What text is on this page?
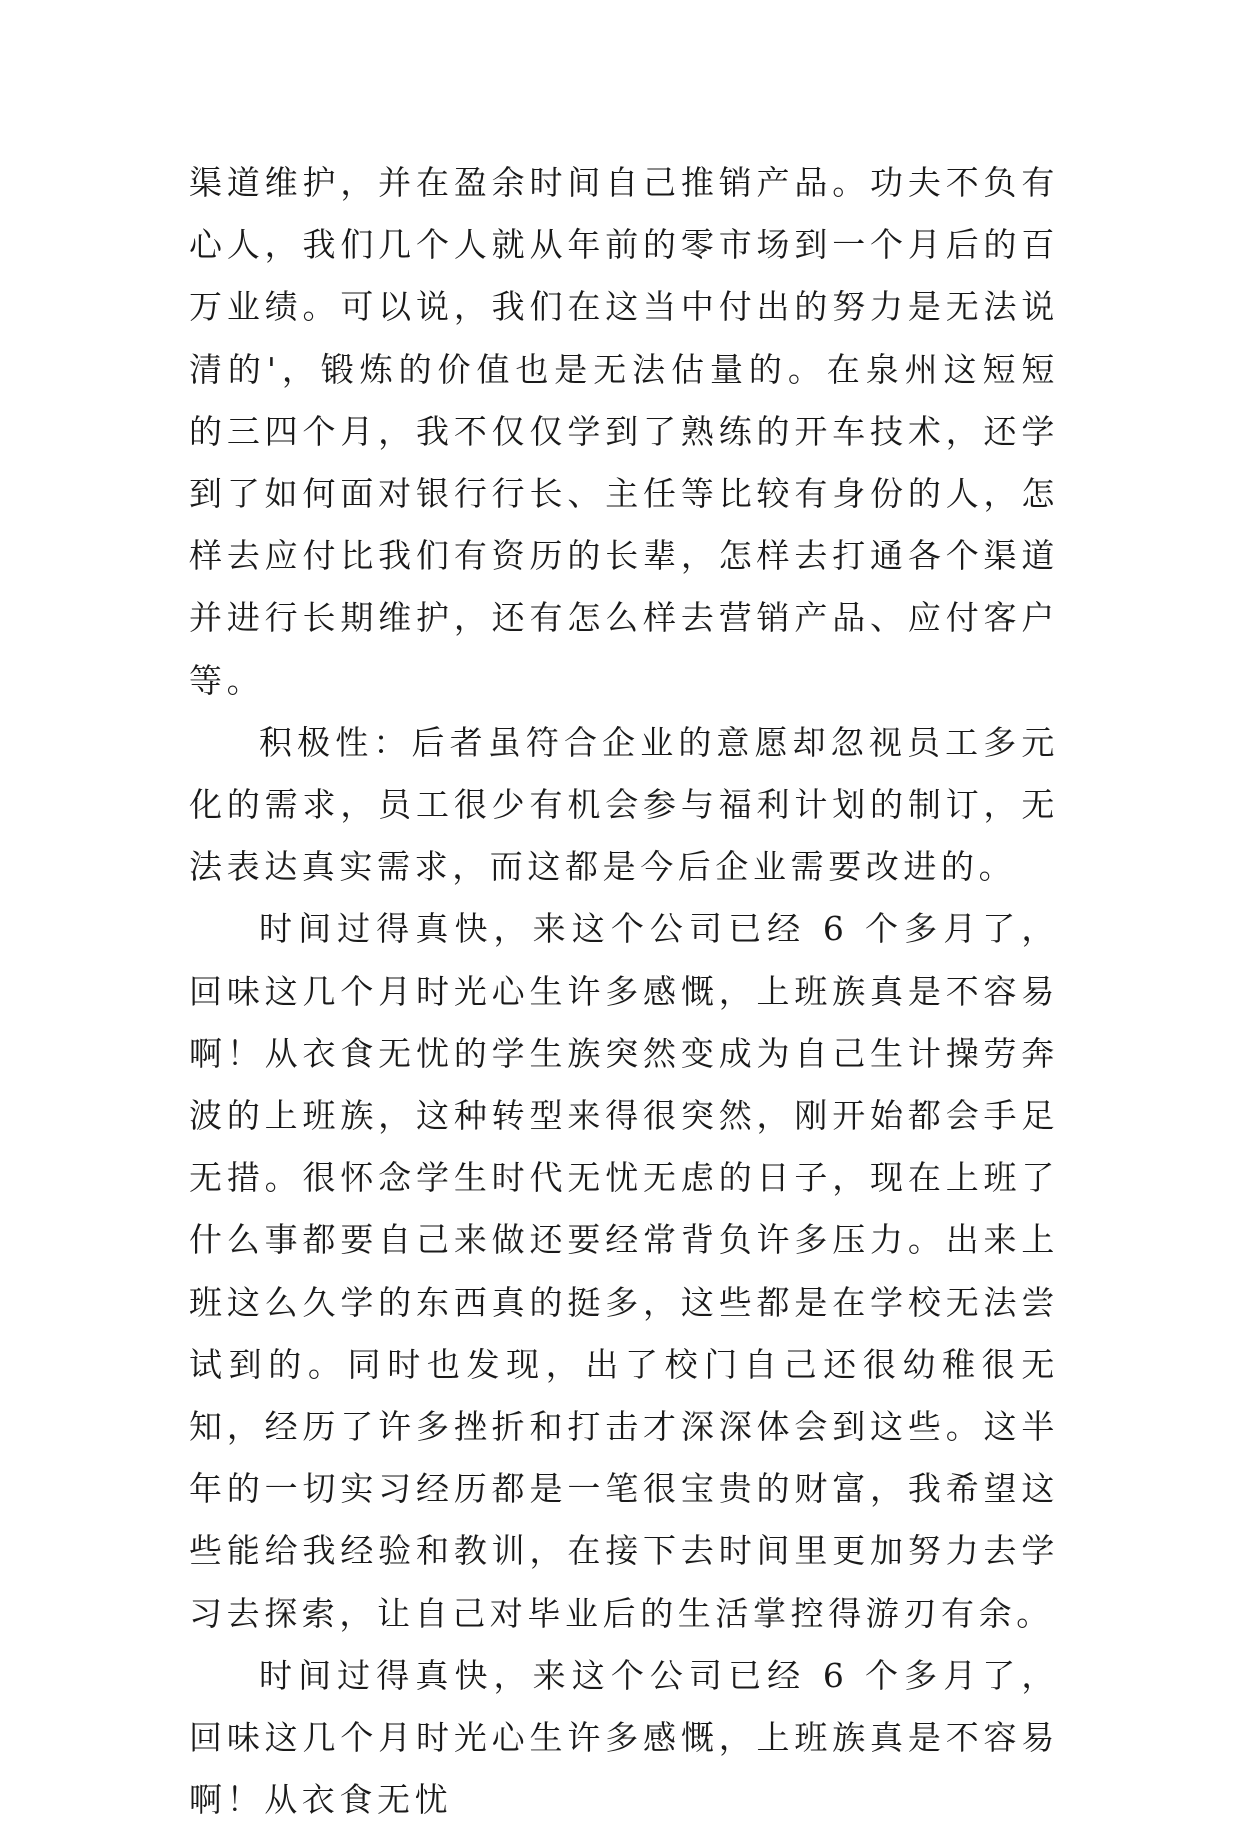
渠道维护，并在盈余时间自己推销产品。功夫不负有心人，我们几个人就从年前的零市场到一个月后的百万业绩。可以说，我们在这当中付出的努力是无法说清的'，锻炼的价值也是无法估量的。在泉州这短短的三四个月，我不仅仅学到了熟练的开车技术，还学到了如何面对银行行长、主任等比较有身份的人，怎样去应付比我们有资历的长辈，怎样去打通各个渠道并进行长期维护，还有怎么样去营销产品、应付客户等。

积极性：后者虽符合企业的意愿却忽视员工多元化的需求，员工很少有机会参与福利计划的制订，无法表达真实需求，而这都是今后企业需要改进的。

时间过得真快，来这个公司已经 6 个多月了，回味这几个月时光心生许多感慨，上班族真是不容易啊！从衣食无忧的学生族突然变成为自己生计操劳奔波的上班族，这种转型来得很突然，刚开始都会手足无措。很怀念学生时代无忧无虑的日子，现在上班了什么事都要自己来做还要经常背负许多压力。出来上班这么久学的东西真的挺多，这些都是在学校无法尝试到的。同时也发现，出了校门自己还很幼稚很无知，经历了许多挫折和打击才深深体会到这些。这半年的一切实习经历都是一笔很宝贵的财富，我希望这些能给我经验和教训，在接下去时间里更加努力去学习去探索，让自己对毕业后的生活掌控得游刃有余。

时间过得真快，来这个公司已经 6 个多月了，回味这几个月时光心生许多感慨，上班族真是不容易啊！从衣食无忧
